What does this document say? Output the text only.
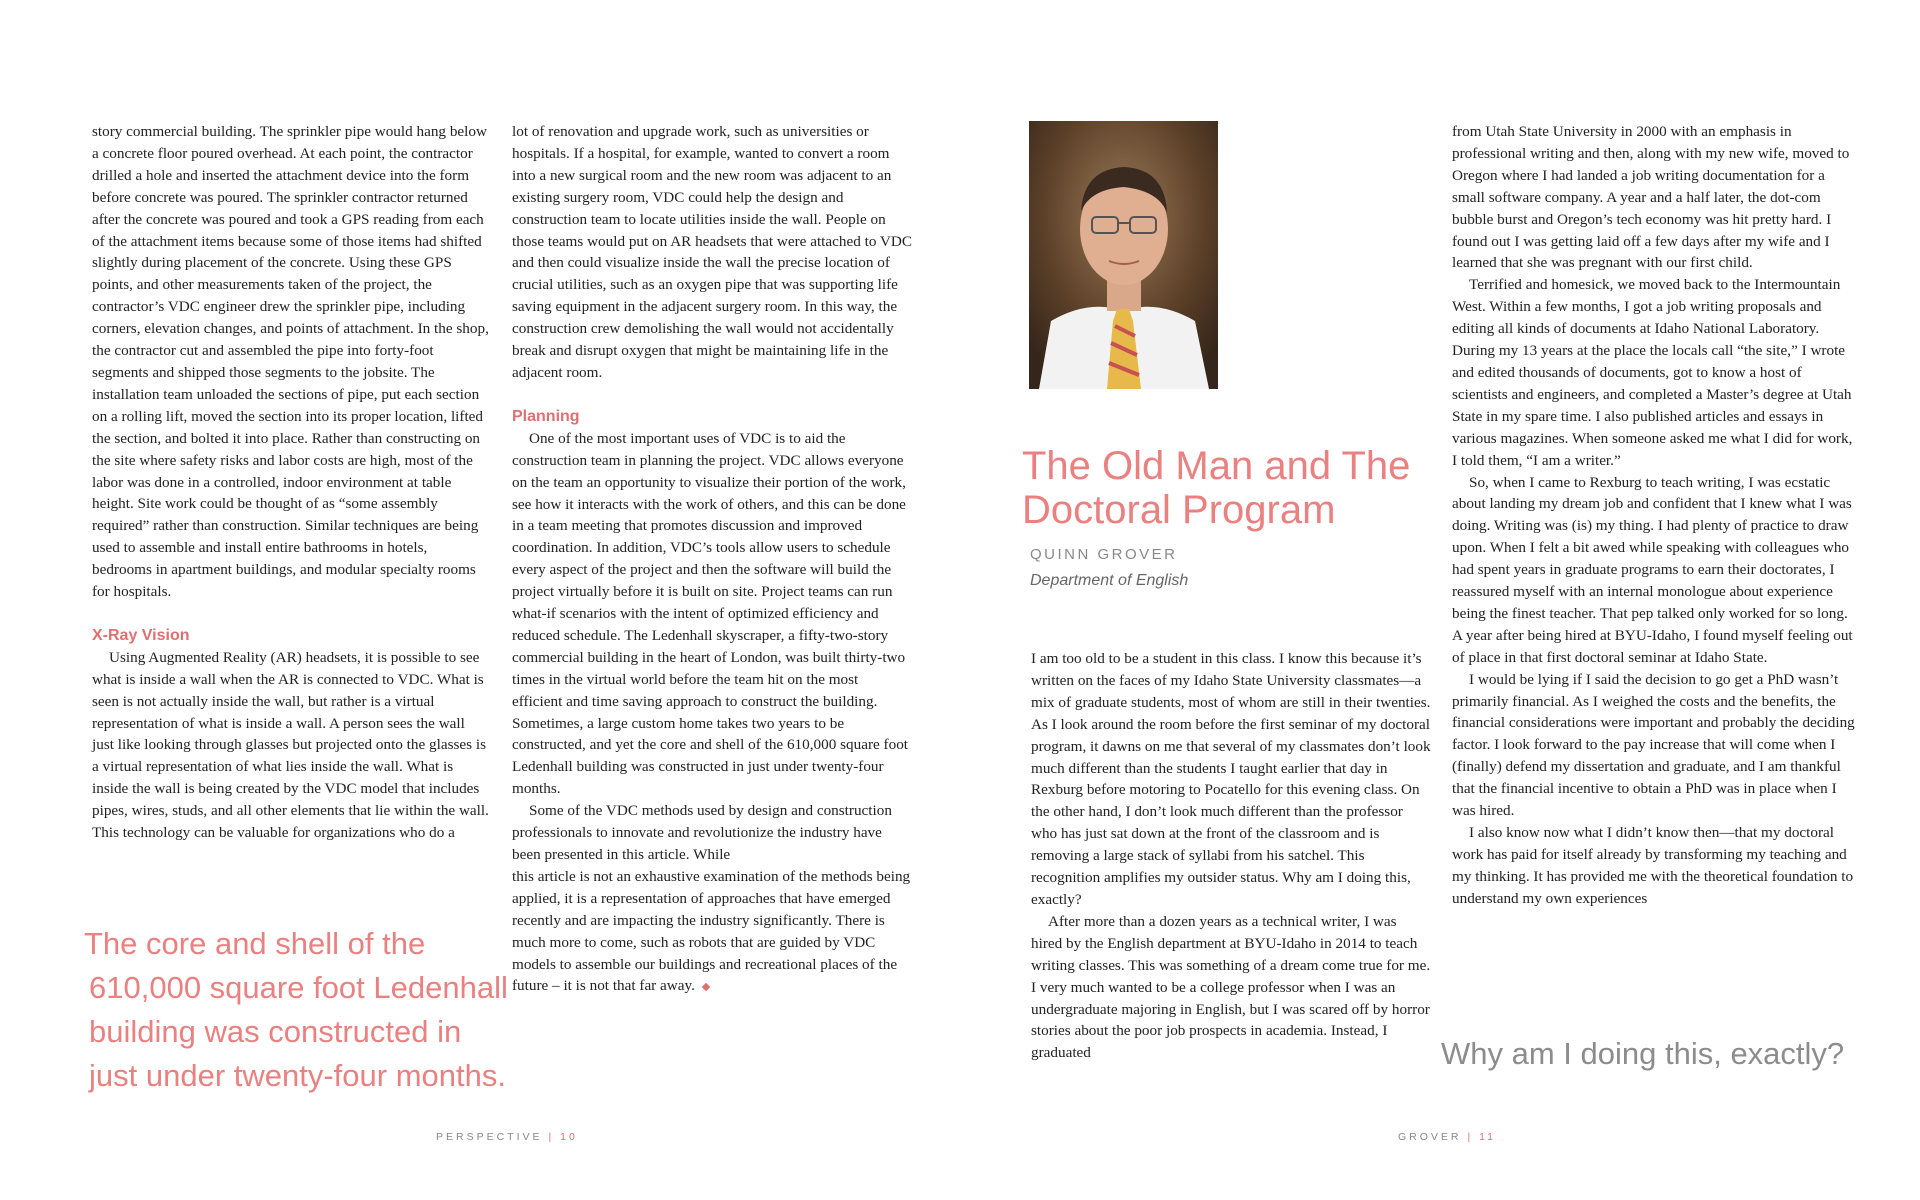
story commercial building. The sprinkler pipe would hang below a concrete floor poured overhead. At each point, the contractor drilled a hole and inserted the attachment device into the form before concrete was poured. The sprinkler contractor returned after the concrete was poured and took a GPS reading from each of the attachment items because some of those items had shifted slightly during placement of the concrete. Using these GPS points, and other measurements taken of the project, the contractor’s VDC engineer drew the sprinkler pipe, including corners, elevation changes, and points of attachment. In the shop, the contractor cut and assembled the pipe into forty-foot segments and shipped those segments to the jobsite. The installation team unloaded the sections of pipe, put each section on a rolling lift, moved the section into its proper location, lifted the section, and bolted it into place. Rather than constructing on the site where safety risks and labor costs are high, most of the labor was done in a controlled, indoor environment at table height. Site work could be thought of as “some assembly required” rather than construction. Similar techniques are being used to assemble and install entire bathrooms in hotels, bedrooms in apartment buildings, and modular specialty rooms for hospitals.

X-Ray Vision

Using Augmented Reality (AR) headsets, it is possible to see what is inside a wall when the AR is connected to VDC. What is seen is not actually inside the wall, but rather is a virtual representation of what is inside a wall. A person sees the wall just like looking through glasses but projected onto the glasses is a virtual representation of what lies inside the wall. What is inside the wall is being created by the VDC model that includes pipes, wires, studs, and all other elements that lie within the wall. This technology can be valuable for organizations who do a

The core and shell of the
610,000 square foot Ledenhall
building was constructed in
just under twenty-four months.

lot of renovation and upgrade work, such as universities or hospitals. If a hospital, for example, wanted to convert a room into a new surgical room and the new room was adjacent to an existing surgery room, VDC could help the design and construction team to locate utilities inside the wall. People on those teams would put on AR headsets that were attached to VDC and then could visualize inside the wall the precise location of crucial utilities, such as an oxygen pipe that was supporting life saving equipment in the adjacent surgery room. In this way, the construction crew demolishing the wall would not accidentally break and disrupt oxygen that might be maintaining life in the adjacent room.

Planning

One of the most important uses of VDC is to aid the construction team in planning the project. VDC allows everyone on the team an opportunity to visualize their portion of the work, see how it interacts with the work of others, and this can be done in a team meeting that promotes discussion and improved coordination. In addition, VDC’s tools allow users to schedule every aspect of the project and then the software will build the project virtually before it is built on site. Project teams can run what-if scenarios with the intent of optimized efficiency and reduced schedule. The Ledenhall skyscraper, a fifty-two-story commercial building in the heart of London, was built thirty-two times in the virtual world before the team hit on the most efficient and time saving approach to construct the building. Sometimes, a large custom home takes two years to be constructed, and yet the core and shell of the 610,000 square foot Ledenhall building was constructed in just under twenty-four months.

Some of the VDC methods used by design and construction professionals to innovate and revolutionize the industry have been presented in this article. While

this article is not an exhaustive examination of the methods being applied, it is a representation of approaches that have emerged recently and are impacting the industry significantly. There is much more to come, such as robots that are guided by VDC models to assemble our buildings and recreational places of the future – it is not that far away.

The Old Man and The
Doctoral Program
QUINN GROVER
Department of English

I am too old to be a student in this class. I know this because it’s written on the faces of my Idaho State University classmates—a mix of graduate students, most of whom are still in their twenties. As I look around the room before the first seminar of my doctoral program, it dawns on me that several of my classmates don’t look much different than the students I taught earlier that day in Rexburg before motoring to Pocatello for this evening class. On the other hand, I don’t look much different than the professor who has just sat down at the front of the classroom and is removing a large stack of syllabi from his satchel. This recognition amplifies my outsider status. Why am I doing this, exactly?

After more than a dozen years as a technical writer, I was hired by the English department at BYU-Idaho in 2014 to teach writing classes. This was something of a dream come true for me. I very much wanted to be a college professor when I was an undergraduate majoring in English, but I was scared off by horror stories about the poor job prospects in academia. Instead, I graduated

from Utah State University in 2000 with an emphasis in professional writing and then, along with my new wife, moved to Oregon where I had landed a job writing documentation for a small software company. A year and a half later, the dot-com bubble burst and Oregon’s tech economy was hit pretty hard. I found out I was getting laid off a few days after my wife and I learned that she was pregnant with our first child.

Terrified and homesick, we moved back to the Intermountain West. Within a few months, I got a job writing proposals and editing all kinds of documents at Idaho National Laboratory. During my 13 years at the place the locals call “the site,” I wrote and edited thousands of documents, got to know a host of scientists and engineers, and completed a Master’s degree at Utah State in my spare time. I also published articles and essays in various magazines. When someone asked me what I did for work, I told them, “I am a writer.”

So, when I came to Rexburg to teach writing, I was ecstatic about landing my dream job and confident that I knew what I was doing. Writing was (is) my thing. I had plenty of practice to draw upon. When I felt a bit awed while speaking with colleagues who had spent years in graduate programs to earn their doctorates, I reassured myself with an internal monologue about experience being the finest teacher. That pep talked only worked for so long. A year after being hired at BYU-Idaho, I found myself feeling out of place in that first doctoral seminar at Idaho State.

I would be lying if I said the decision to go get a PhD wasn’t primarily financial. As I weighed the costs and the benefits, the financial considerations were important and probably the deciding factor. I look forward to the pay increase that will come when I (finally) defend my dissertation and graduate, and I am thankful that the financial incentive to obtain a PhD was in place when I was hired.

I also know now what I didn’t know then—that my doctoral work has paid for itself already by transforming my teaching and my thinking. It has provided me with the theoretical foundation to understand my own experiences

Why am I doing this, exactly?
PERSPECTIVE | 10	GROVER | 11
